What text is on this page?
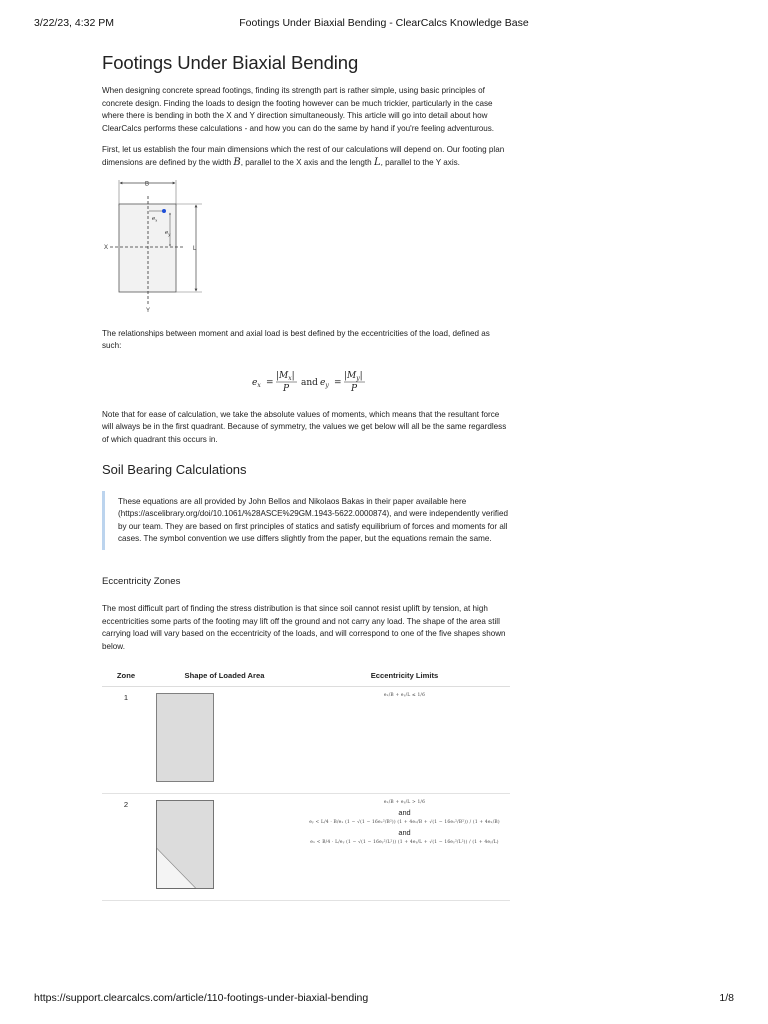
3/22/23, 4:32 PM	Footings Under Biaxial Bending - ClearCalcs Knowledge Base
Footings Under Biaxial Bending

When designing concrete spread footings, finding its strength part is rather simple, using basic principles of concrete design. Finding the loads to design the footing however can be much trickier, particularly in the case where there is bending in both the X and Y direction simultaneously. This article will go into detail about how ClearCalcs performs these calculations - and how you can do the same by hand if you're feeling adventurous.

First, let us establish the four main dimensions which the rest of our calculations will depend on. Our footing plan dimensions are defined by the width B, parallel to the X axis and the length L, parallel to the Y axis.

B
L
X
Y
$e_x$
$e_y$

The relationships between moment and axial load is best defined by the eccentricities of the load, defined as such:

$e_x$ =
$|M_x|$
P
and $e_y$ =
$|M_y|$
P

Note that for ease of calculation, we take the absolute values of moments, which means that the resultant force will always be in the first quadrant. Because of symmetry, the values we get below will all be the same regardless of which quadrant this occurs in.

Soil Bearing Calculations

These equations are all provided by John Bellos and Nikolaos Bakas in their paper available here (https://ascelibrary.org/doi/10.1061/%28ASCE%29GM.1943-5622.0000874), and were independently verified by our team. They are based on first principles of statics and satisfy equilibrium of forces and moments for all cases. The symbol convention we use differs slightly from the paper, but the equations remain the same.

Eccentricity Zones

The most difficult part of finding the stress distribution is that since soil cannot resist uplift by tension, at high eccentricities some parts of the footing may lift off the ground and not carry any load. The shape of the area still carrying load will vary based on the eccentricity of the loads, and will correspond to one of the five shapes shown below.

Zone	Shape of Loaded Area	Eccentricity Limits
1		eₓ/B + eᵧ/L ≤ 1/6

2		eₓ/B + eᵧ/L > 1/6
and
eᵧ < L/4 · B/eₓ (1 − √(1 − 16eₓ²/B²)) (1 + 4eₓ/B + √(1 − 16eₓ²/B²)) / (1 + 4eₓ/B)
and
eₓ < B/4 · L/eᵧ (1 − √(1 − 16eᵧ²/L²)) (1 + 4eᵧ/L + √(1 − 16eᵧ²/L²)) / (1 + 4eᵧ/L)
https://support.clearcalcs.com/article/110-footings-under-biaxial-bending	1/8
